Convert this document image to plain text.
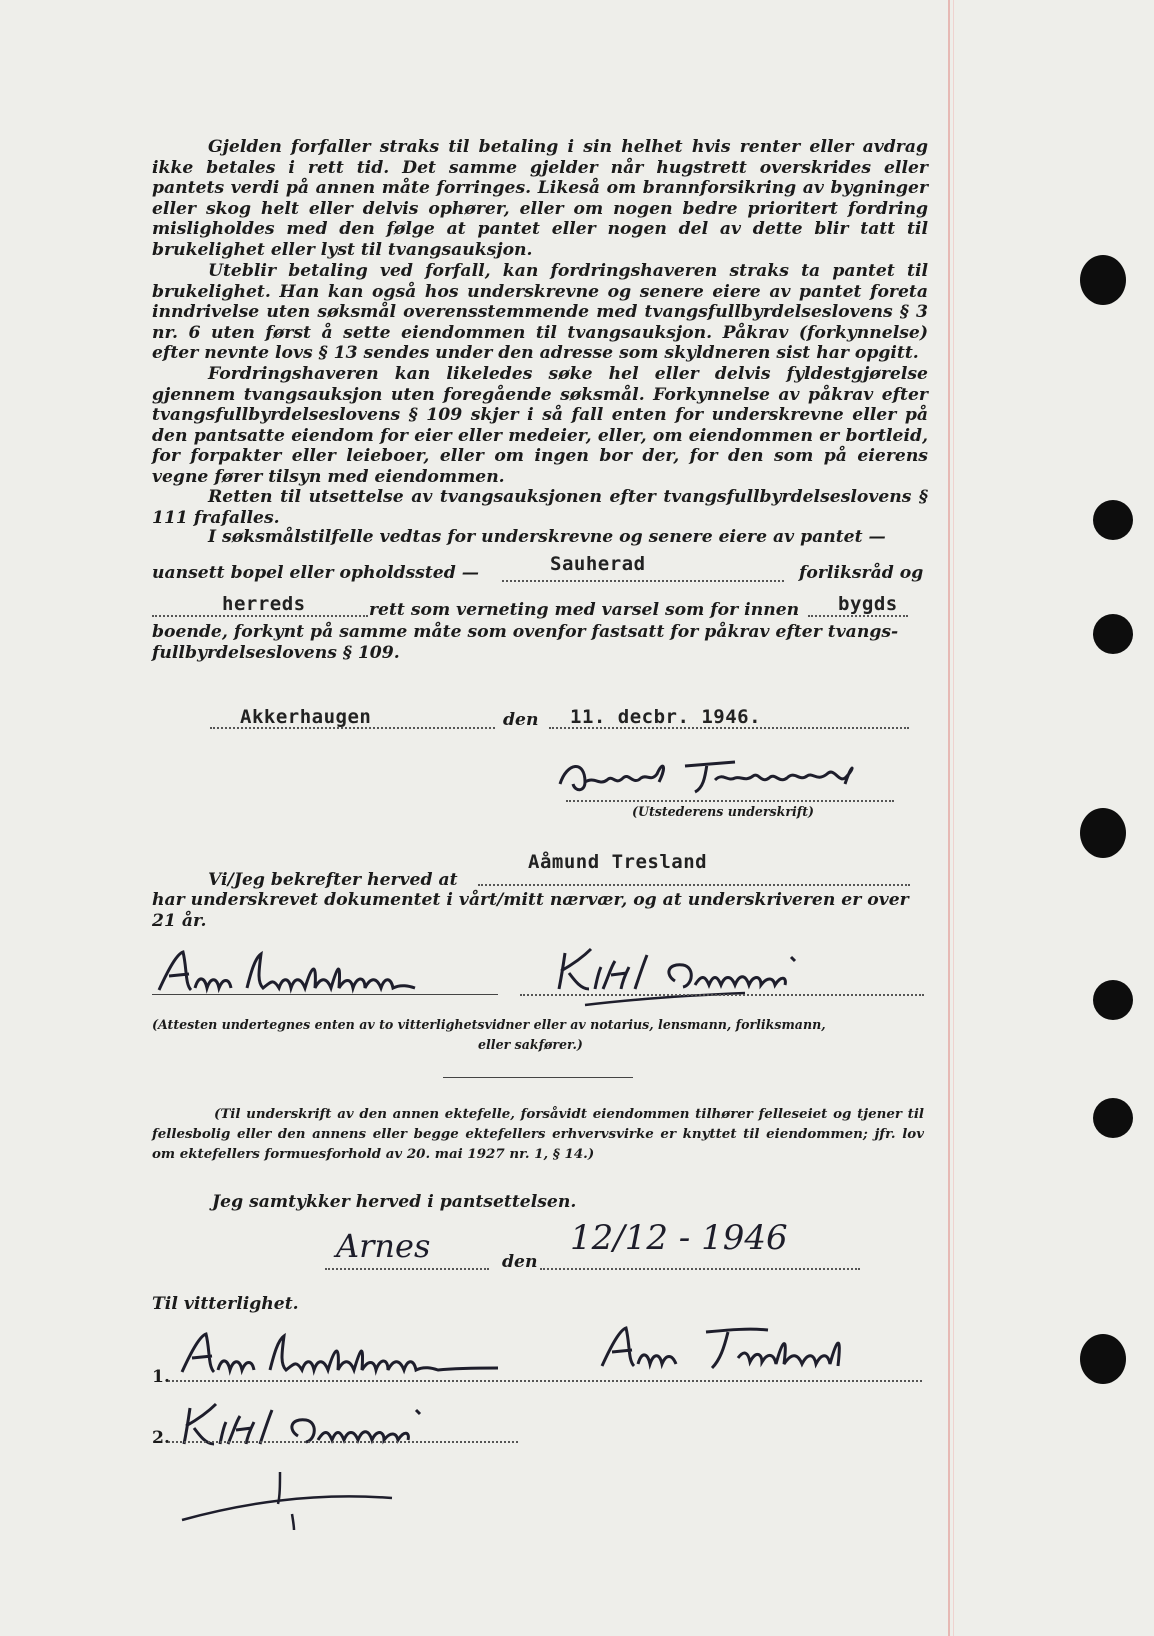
Gjelden forfaller straks til betaling i sin helhet hvis renter eller avdrag ikke betales i rett tid. Det samme gjelder når hugstrett overskrides eller pantets verdi på annen måte forringes. Likeså om brannforsikring av bygninger eller skog helt eller delvis ophører, eller om nogen bedre prioritert fordring misligholdes med den følge at pantet eller nogen del av dette blir tatt til brukelighet eller lyst til tvangsauksjon.

Uteblir betaling ved forfall, kan fordringshaveren straks ta pantet til brukelighet. Han kan også hos underskrevne og senere eiere av pantet foreta inndrivelse uten søksmål overensstemmende med tvangsfullbyrdelseslovens § 3 nr. 6 uten først å sette eiendommen til tvangsauksjon. Påkrav (forkynnelse) efter nevnte lovs § 13 sendes under den adresse som skyldneren sist har opgitt.

Fordringshaveren kan likeledes søke hel eller delvis fyldestgjørelse gjennem tvangsauksjon uten foregående søksmål. Forkynnelse av påkrav efter tvangsfullbyrdelseslovens § 109 skjer i så fall enten for underskrevne eller på den pantsatte eiendom for eier eller medeier, eller, om eiendommen er bortleid, for forpakter eller leieboer, eller om ingen bor der, for den som på eierens vegne fører tilsyn med eiendommen.

Retten til utsettelse av tvangsauksjonen efter tvangsfullbyrdelseslovens § 111 frafalles.

I søksmålstilfelle vedtas for underskrevne og senere eiere av pantet —
uansett bopel eller opholdssted —	Sauherad	forliksråd og
herreds	rett som verneting med varsel som for innen bygds
boende, forkynt på samme måte som ovenfor fastsatt for påkrav efter tvangs-
fullbyrdelseslovens § 109.
Akkerhaugen	den 11. decbr. 1946.
(Utstederens underskrift)
Vi/Jeg bekrefter herved at
Aåmund Tresland
har underskrevet dokumentet i vårt/mitt nærvær, og at underskriveren er over
21 år.
(Attesten undertegnes enten av to vitterlighetsvidner eller av notarius, lensmann, forliksmann,
eller sakfører.)

(Til underskrift av den annen ektefelle, forsåvidt eiendommen tilhører felleseiet og tjener til fellesbolig eller den annens eller begge ektefellers erhvervsvirke er knyttet til eiendommen; jfr. lov om ektefellers formuesforhold av 20. mai 1927 nr. 1, § 14.)

Jeg samtykker herved i pantsettelsen.
Arnes	den
12/12 - 1946
Til vitterlighet.
1.
2.
